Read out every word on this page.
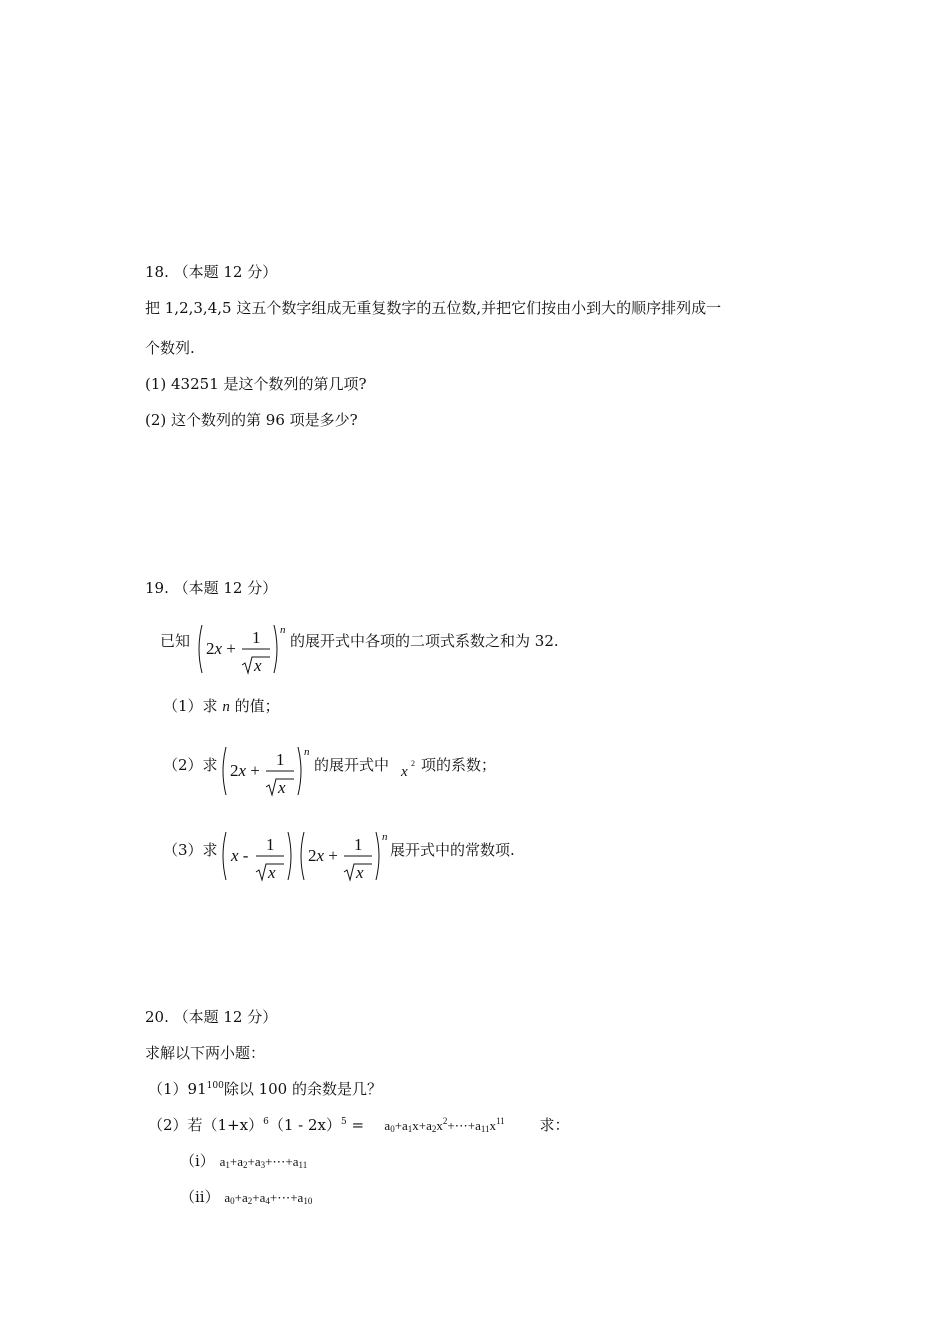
18. （本题 12 分）
把 1,2,3,4,5 这五个数字组成无重复数字的五位数,并把它们按由小到大的顺序排列成一
个数列.
(1) 43251 是这个数列的第几项?
(2) 这个数列的第 96 项是多少?
19. （本题 12 分）
已知 2x +
1
x
n
的展开式中各项的二项式系数之和为 32.
（1）求 n 的值；
（2）求 2x +
1
x
n
的展开式中 x
2 项的系数；
（3）求 x -
1
x
2x +
1
x
n
展开式中的常数项.
20. （本题 12 分）
求解以下两小题：
$(1)91^{100}$除以 100 的余数是几？
（2）若$(1+x)^6(1 - 2x)^5$ =   $a_0+a_1x+a_2x^2+\cdots+a_{11}x^{11}$ 求：
（i） $a_1+a_2+a_3+\cdots+a_{11}$
（ii） $a_0+a_2+a_4+\cdots+a_{10}$
